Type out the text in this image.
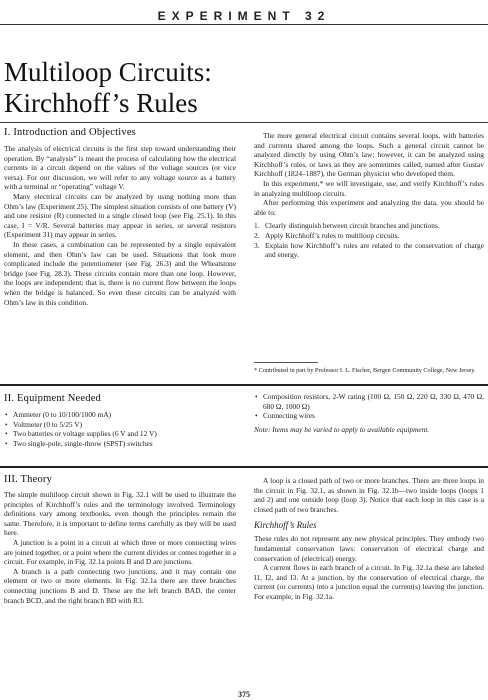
EXPERIMENT 32
Multiloop Circuits:
Kirchhoff’s Rules
I. Introduction and Objectives

The analysis of electrical circuits is the first step toward understanding their operation. By “analysis” is meant the process of calculating how the electrical currents in a circuit depend on the values of the voltage sources (or vice versa). For our discussion, we will refer to any voltage source as a battery with a terminal or “operating” voltage V.

Many electrical circuits can be analyzed by using nothing more than Ohm’s law (Experiment 25). The simplest situation consists of one battery (V) and one resistor (R) connected in a single closed loop (see Fig. 25.1). In this case, I = V/R. Several batteries may appear in series, or several resistors (Experiment 31) may appear in series.

In these cases, a combination can be represented by a single equivalent element, and then Ohm’s law can be used. Situations that look more complicated include the potentiometer (see Fig. 26.3) and the Wheatstone bridge (see Fig. 28.3). These circuits contain more than one loop. However, the loops are independent; that is, there is no current flow between the loops when the bridge is balanced. So even these circuits can be analyzed with Ohm’s law in this condition.

The more general electrical circuit contains several loops, with batteries and currents shared among the loops. Such a general circuit cannot be analyzed directly by using Ohm’s law; however, it can be analyzed using Kirchhoff’s rules, or laws as they are sometimes called, named after Gustav Kirchhoff (1824–1887), the German physicist who developed them.

In this experiment,* we will investigate, use, and verify Kirchhoff’s rules in analyzing multiloop circuits.

After performing this experiment and analyzing the data, you should be able to:

1. Clearly distinguish between circuit branches and junctions.
2. Apply Kirchhoff’s rules to multiloop circuits.
3. Explain how Kirchhoff’s rules are related to the conservation of charge and energy.
* Contributed in part by Professor I. L. Fischer, Bergen Community College, New Jersey.
II. Equipment Needed
• Ammeter (0 to 10/100/1000 mA)
• Voltmeter (0 to 5/25 V)
• Two batteries or voltage supplies (6 V and 12 V)
• Two single-pole, single-throw (SPST) switches
• Composition resistors, 2-W rating (100 Ω, 150 Ω, 220 Ω, 330 Ω, 470 Ω, 680 Ω, 1000 Ω)
• Connecting wires

Note: Items may be varied to apply to available equipment.

III. Theory

The simple multiloop circuit shown in Fig. 32.1 will be used to illustrate the principles of Kirchhoff’s rules and the terminology involved. Terminology definitions vary among textbooks, even though the principles remain the same. Therefore, it is important to define terms carefully as they will be used here.

A junction is a point in a circuit at which three or more connecting wires are joined together, or a point where the current divides or comes together in a circuit. For example, in Fig. 32.1a points B and D are junctions.

A branch is a path connecting two junctions, and it may contain one element or two or more elements. In Fig. 32.1a there are three branches connecting junctions B and D. These are the left branch BAD, the center branch BCD, and the right branch BD with R3.

A loop is a closed path of two or more branches. There are three loops in the circuit in Fig. 32.1, as shown in Fig. 32.1b—two inside loops (loops 1 and 2) and one outside loop (loop 3). Notice that each loop in this case is a closed path of two branches.

Kirchhoff’s Rules

These rules do not represent any new physical principles. They embody two fundamental conservation laws: conservation of electrical charge and conservation of (electrical) energy.

A current flows in each branch of a circuit. In Fig. 32.1a these are labeled I1, I2, and I3. At a junction, by the conservation of electrical charge, the current (or currents) into a junction equal the current(s) leaving the junction. For example, in Fig. 32.1a.

375
